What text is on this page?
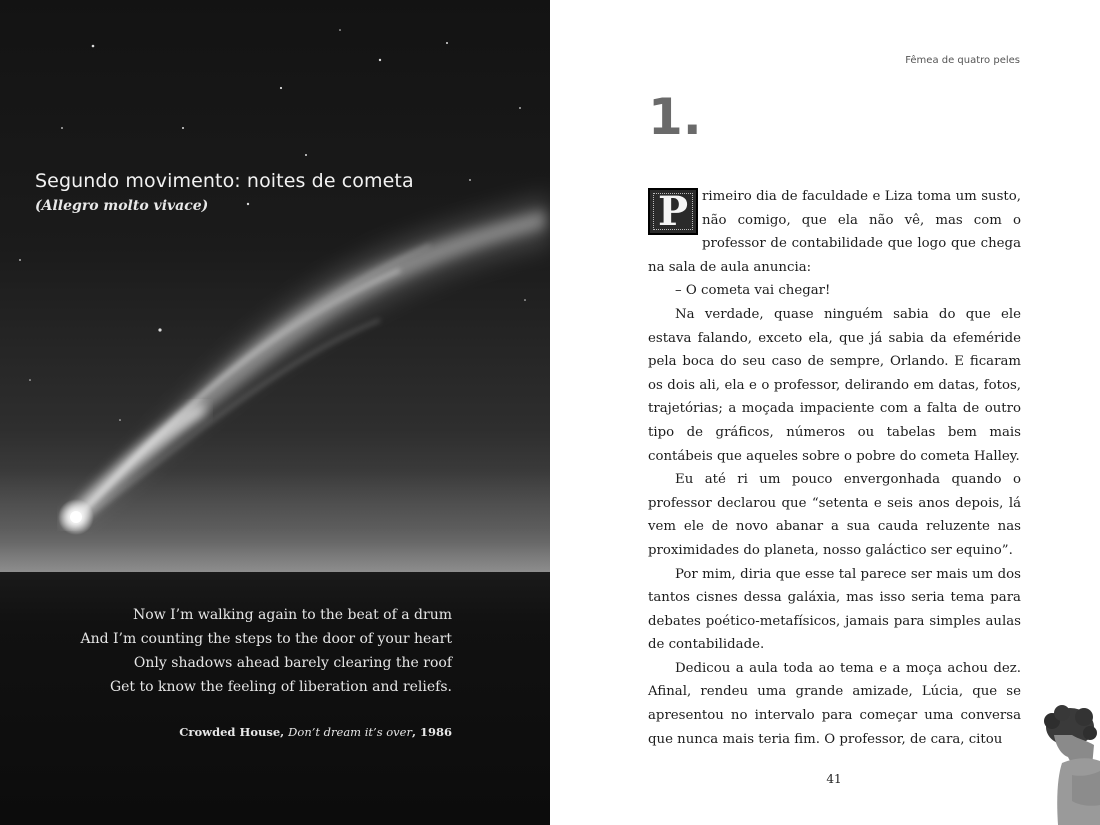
Segundo movimento: noites de cometa
(Allegro molto vivace)
Now I’m walking again to the beat of a drum
And I’m counting the steps to the door of your heart
Only shadows ahead barely clearing the roof
Get to know the feeling of liberation and reliefs.
Crowded House, Don’t dream it’s over, 1986
Fêmea de quatro peles
1.

P	rimeiro dia de faculdade e Liza toma um susto, não comigo, que ela não vê, mas com o professor de contabilidade que logo que chega na sala de aula anuncia:

– O cometa vai chegar!

Na verdade, quase ninguém sabia do que ele estava falando, exceto ela, que já sabia da efeméride pela boca do seu caso de sempre, Orlando. E ficaram os dois ali, ela e o professor, delirando em datas, fotos, trajetórias; a moçada impaciente com a falta de outro tipo de gráficos, números ou tabelas bem mais contábeis que aqueles sobre o pobre do cometa Halley.

Eu até ri um pouco envergonhada quando o professor declarou que “setenta e seis anos depois, lá vem ele de novo abanar a sua cauda reluzente nas proximidades do planeta, nosso galáctico ser equino”.

Por mim, diria que esse tal parece ser mais um dos tantos cisnes dessa galáxia, mas isso seria tema para debates poético-metafísicos, jamais para simples aulas de contabilidade.

Dedicou a aula toda ao tema e a moça achou dez. Afinal, rendeu uma grande amizade, Lúcia, que se apresentou no intervalo para começar uma conversa que nunca mais teria fim. O professor, de cara, citou

41
